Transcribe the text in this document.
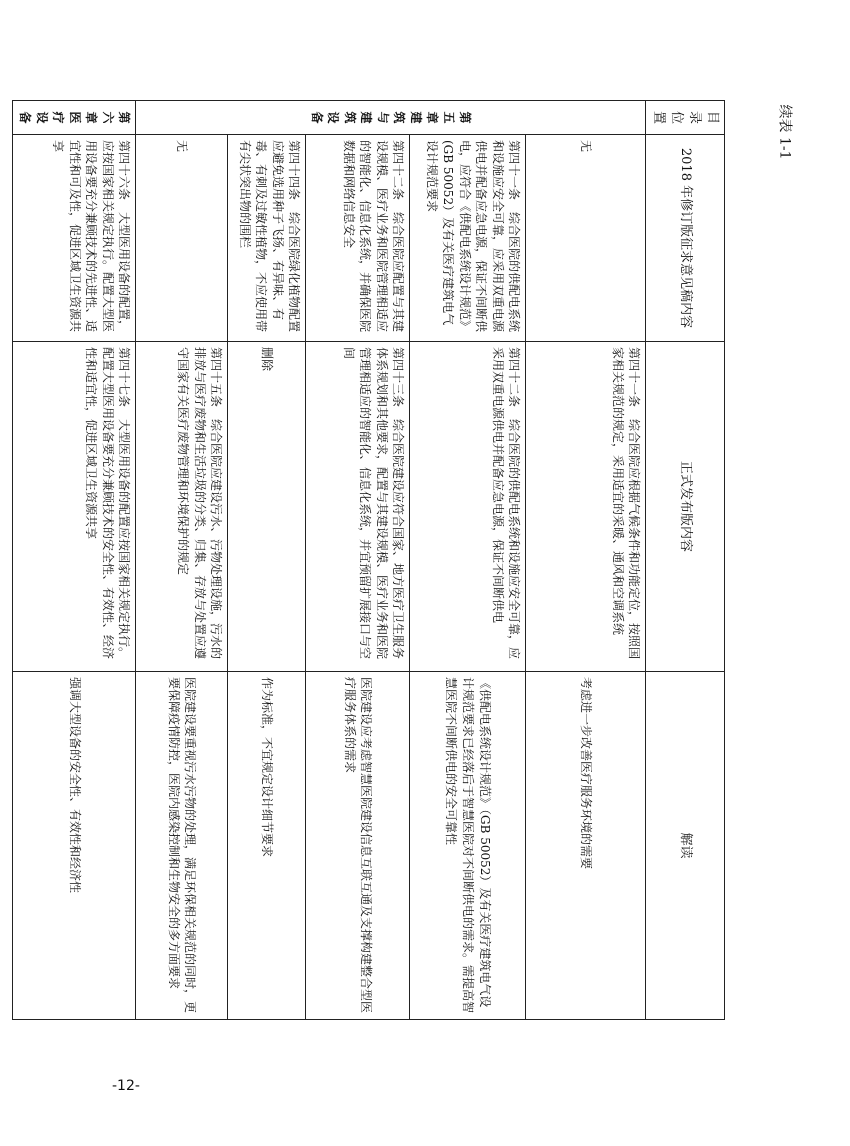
-12-
续表 1-1
目录位置	2018 年修订版征求意见稿内容	正式发布版内容	解读
第五章 建筑与建筑设备	无	第四十一条　综合医院应根据气候条件和功能定位，按照国家相关规范的规定，采用适宜的采暖、通风和空调系统	考虑进一步改善医疗服务环境的需要
	第四十一条　综合医院的供配电系统和设施应安全可靠，应采用双重电源供电并配备应急电源，保证不间断供电，应符合《供配电系统设计规范》(GB 50052）及有关医疗建筑电气设计规范要求	第四十二条　综合医院的供配电系统和设施应安全可靠，应采用双重电源供电并配备应急电源，保证不间断供电	《供配电系统设计规范》（GB 50052）及有关医疗建筑电气设计规范要求已经落后于智慧医院对不间断供电的需求。需提高智慧医院不间断供电的安全可靠性
	第四十二条　综合医院应配置与其建设规模、医疗业务和医院管理相适应的智能化、信息化系统，并确保医院数据和网络信息安全	第四十三条　综合医院建设应符合国家、地方医疗卫生服务体系规划和其他要求，配置与其建设规模、医疗业务和医院管理相适应的智能化、信息化系统，并宜预留扩展接口与空间	医院建设应考虑智慧医院建设信息互联互通及支撑构建整合型医疗服务体系的需求
	第四十四条　综合医院绿化植物配置应避免选用种子飞扬、有异味、有毒、有刺及过敏性植物，不应使用带有尖状突出物的围栏	删除	作为标准，不宜规定设计细节要求
	无	第四十五条　综合医院应建设污水、污物处理设施，污水的排放与医疗废物和生活垃圾的分类、归集、存放与处置应遵守国家有关医疗废物管理和环境保护的规定	医院建设要重视污水污物的处理，满足环保相关规范的同时，更要保障疫情防控，医院内感染控制和生物安全的多方面要求
第六章 医疗设备	第四十六条　大型医用设备的配置，应按国家相关规定执行。配置大型医用设备要充分兼顾技术的先进性、适宜性和可及性，促进区域卫生资源共享	第四十七条　大型医用设备的配置应按国家相关规定执行。配置大型医用设备要充分兼顾技术的安全性、有效性、经济性和适宜性，促进区域卫生资源共享	强调大型设备的安全性、有效性和经济性
